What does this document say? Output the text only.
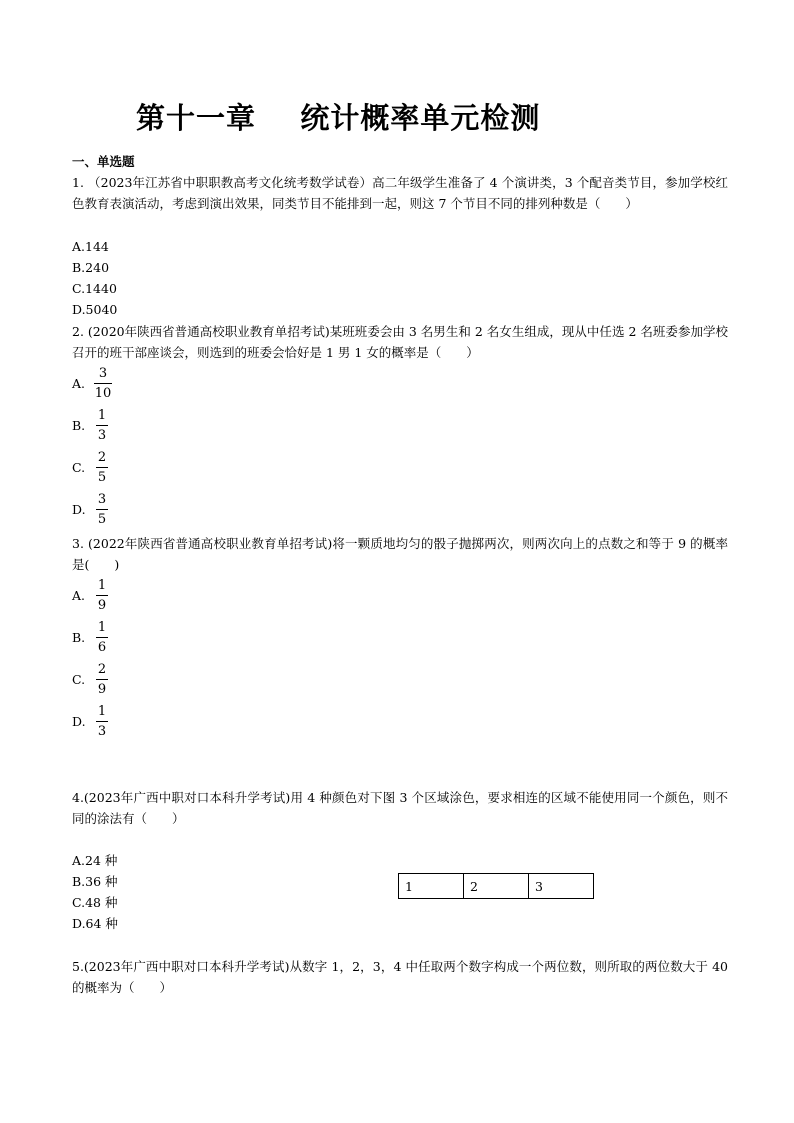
第十一章    统计概率单元检测
一、单选题
1. （2023年江苏省中职职教高考文化统考数学试卷）高二年级学生准备了 4 个演讲类，3 个配音类节目，参加学校红色教育表演活动，考虑到演出效果，同类节目不能排到一起，则这 7 个节目不同的排列种数是（　　）
A.144
B.240
C.1440
D.5040
2. (2020年陕西省普通高校职业教育单招考试)某班班委会由 3 名男生和 2 名女生组成，现从中任选 2 名班委参加学校召开的班干部座谈会，则选到的班委会恰好是 1 男 1 女的概率是（　　）
A.
3
10
B.
1
3
C.
2
5
D.
3
5
3. (2022年陕西省普通高校职业教育单招考试)将一颗质地均匀的骰子抛掷两次，则两次向上的点数之和等于 9 的概率是(　　)
A.
1
9
B.
1
6
C.
2
9
D.
1
3
4.(2023年广西中职对口本科升学考试)用 4 种颜色对下图 3 个区域涂色，要求相连的区域不能使用同一个颜色，则不同的涂法有（　　）
A.24 种
B.36 种
C.48 种
D.64 种
1	2	3
5.(2023年广西中职对口本科升学考试)从数字 1，2，3，4 中任取两个数字构成一个两位数，则所取的两位数大于 40 的概率为（　　）
